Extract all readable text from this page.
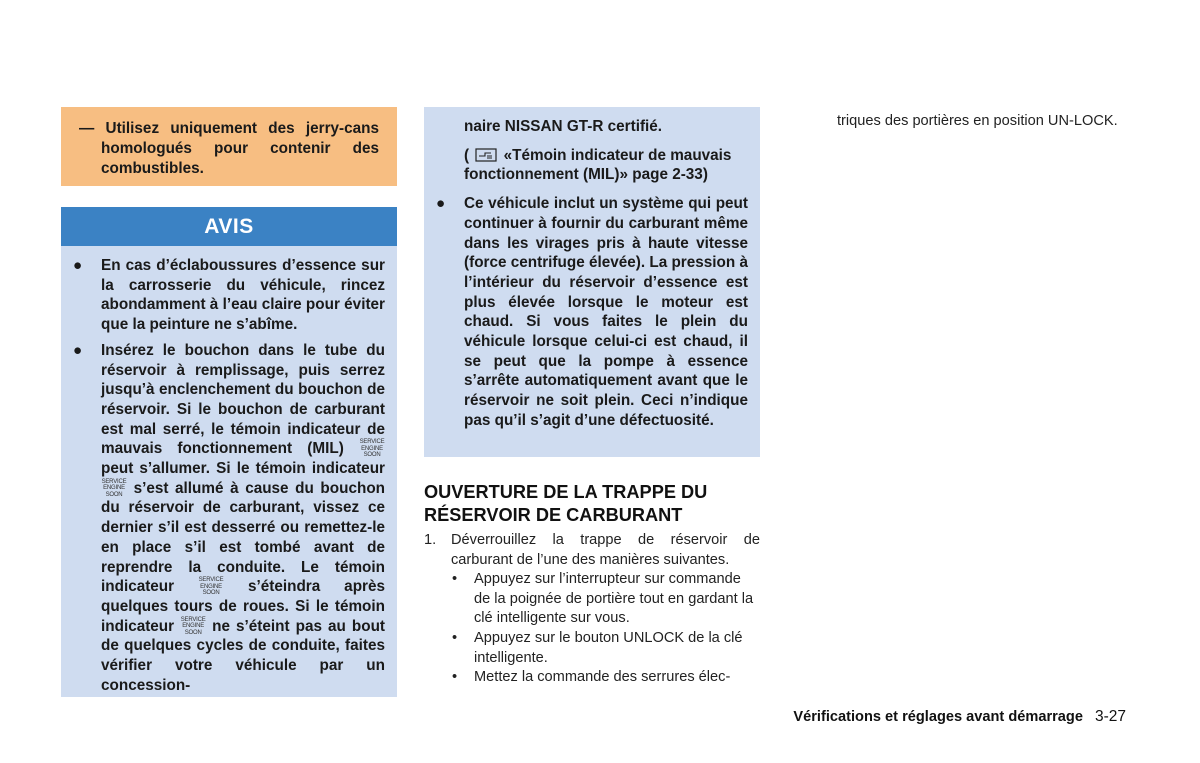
— Utilisez uniquement des jerry-cans homologués pour contenir des combustibles.

AVIS

● En cas d’éclaboussures d’essence sur la carrosserie du véhicule, rincez abondamment à l’eau claire pour éviter que la peinture ne s’abîme.

● Insérez le bouchon dans le tube du réservoir à remplissage, puis serrez jusqu’à enclenchement du bouchon de réservoir. Si le bouchon de carburant est mal serré, le témoin indicateur de mauvais fonctionnement (MIL)	SERVICE
ENGINE
SOON peut s’allumer. Si le témoin indicateur SERVICE
ENGINE
SOON s’est allumé à cause du bouchon du réservoir de carburant, vissez ce dernier s’il est desserré ou remettez-le en place s’il est tombé avant de reprendre la conduite. Le témoin indicateur	SERVICE
ENGINE
SOON s’éteindra après quelques tours de roues. Si le témoin indicateur SERVICE
ENGINE
SOON ne s’éteint pas au bout de quelques cycles de conduite, faites vérifier votre véhicule par un concession-

naire NISSAN GT-R certifié.

( «Témoin indicateur de mauvais fonctionnement (MIL)» page 2-33)

● Ce véhicule inclut un système qui peut continuer à fournir du carburant même dans les virages pris à haute vitesse (force centrifuge élevée). La pression à l’intérieur du réservoir d’essence est plus élevée lorsque le moteur est chaud. Si vous faites le plein du véhicule lorsque celui-ci est chaud, il se peut que la pompe à essence s’arrête automatiquement avant que le réservoir ne soit plein. Ceci n’indique pas qu’il s’agit d’une défectuosité.

OUVERTURE DE LA TRAPPE DU
RÉSERVOIR DE CARBURANT

1. Déverrouillez la trappe de réservoir de carburant de l’une des manières suivantes.

• Appuyez sur l’interrupteur sur commande de la poignée de portière tout en gardant la clé intelligente sur vous.

• Appuyez sur le bouton UNLOCK de la clé intelligente.

• Mettez la commande des serrures élec-

triques des portières en position UN-LOCK.
Vérifications et réglages avant démarrage 3-27
